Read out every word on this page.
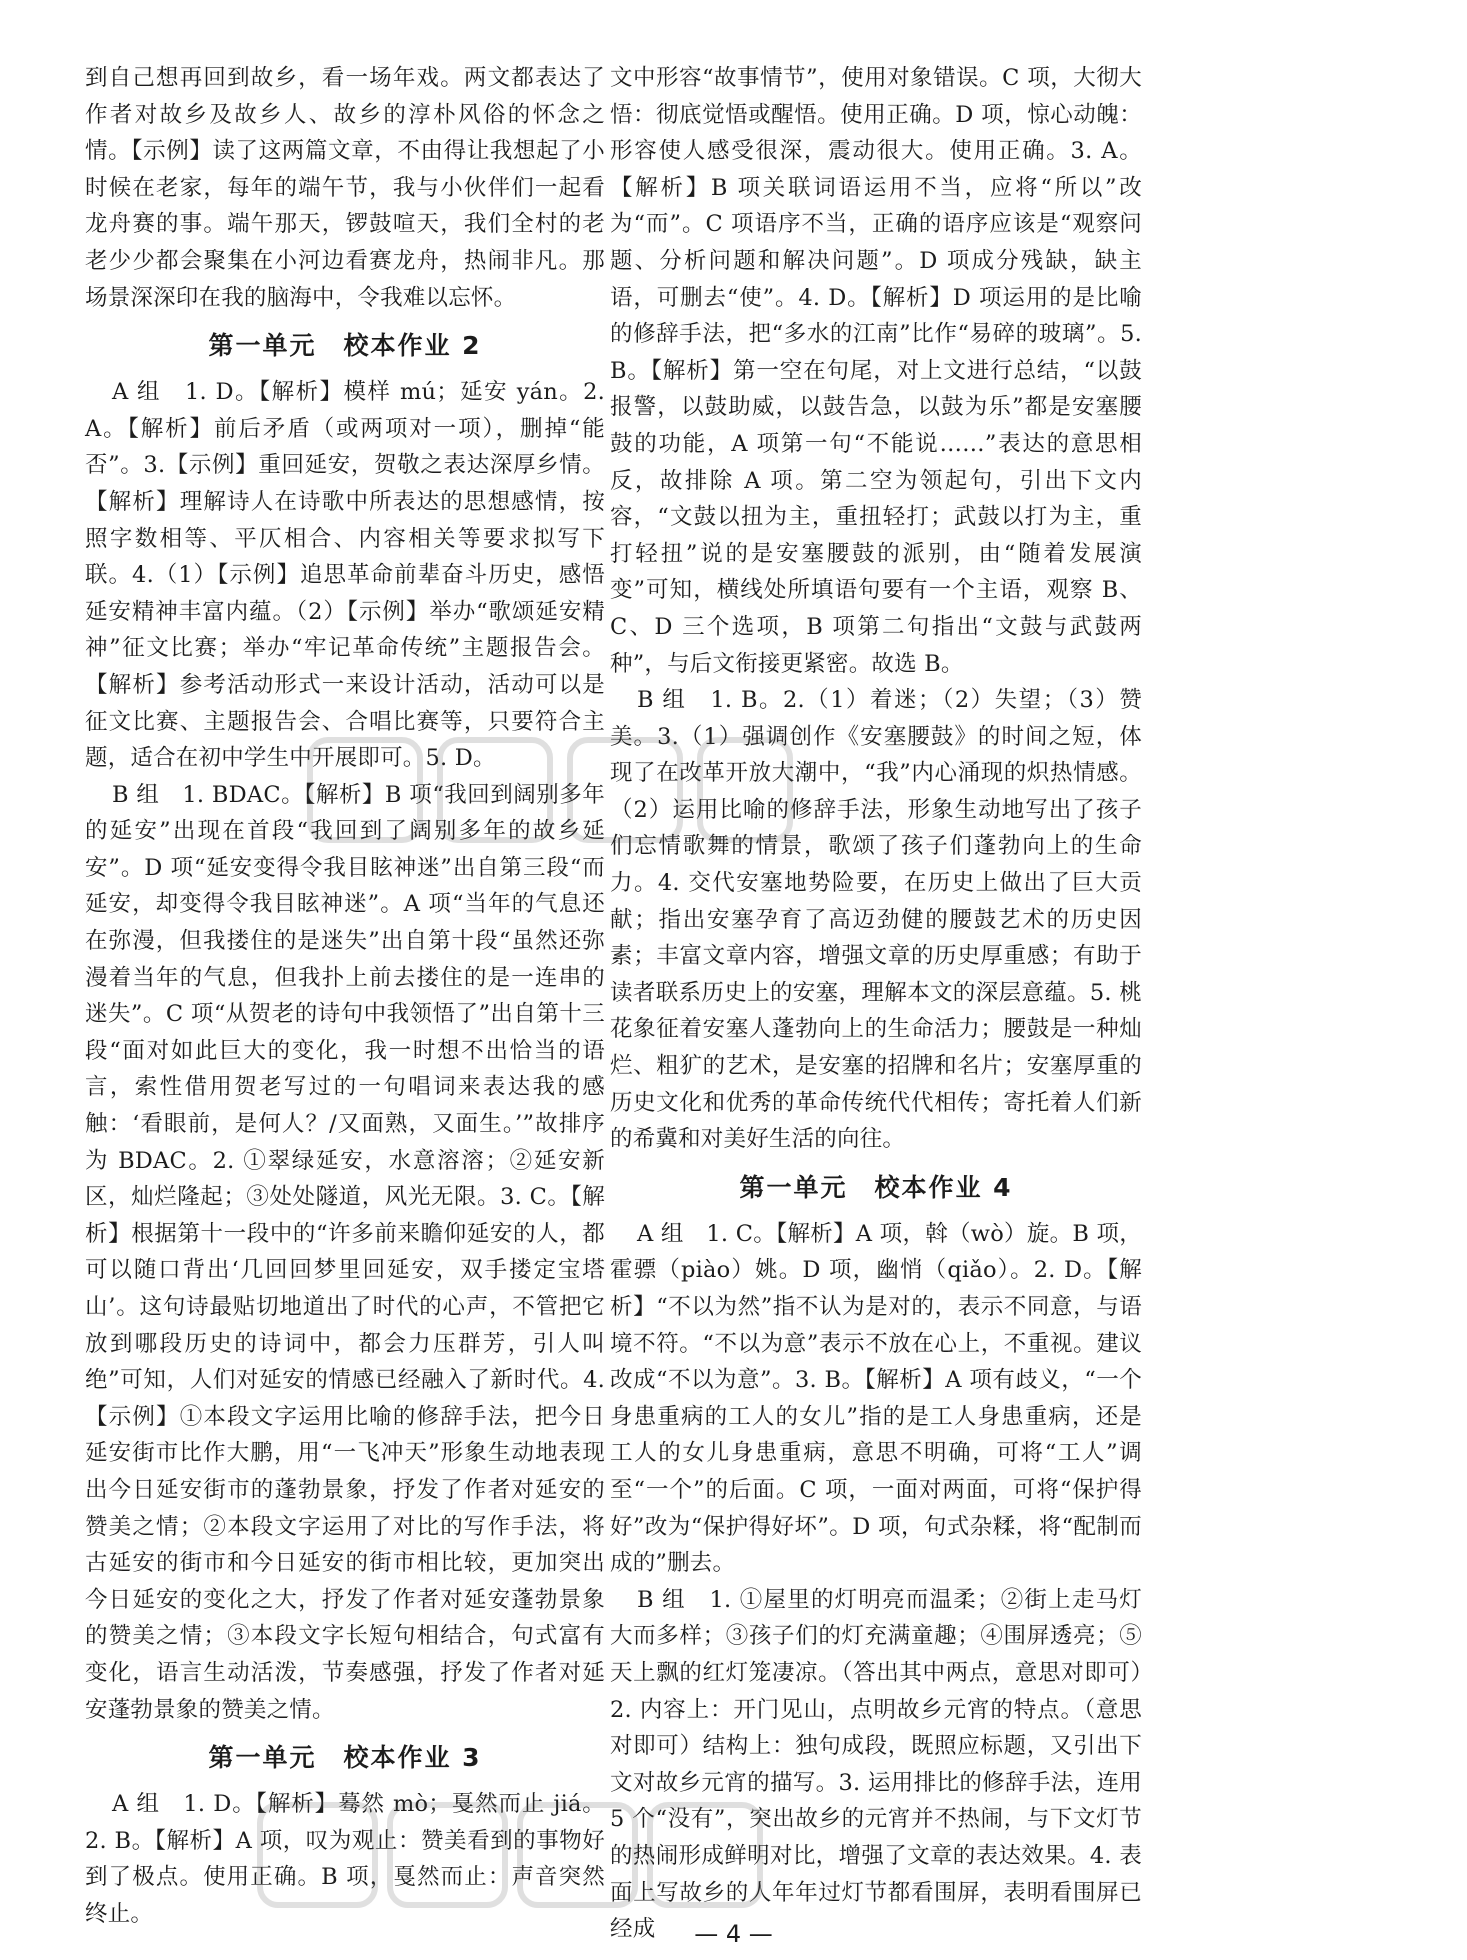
到自己想再回到故乡，看一场年戏。两文都表达了作者对故乡及故乡人、故乡的淳朴风俗的怀念之情。【示例】读了这两篇文章，不由得让我想起了小时候在老家，每年的端午节，我与小伙伴们一起看龙舟赛的事。端午那天，锣鼓喧天，我们全村的老老少少都会聚集在小河边看赛龙舟，热闹非凡。那场景深深印在我的脑海中，令我难以忘怀。

第一单元　校本作业 2

A 组　1. D。【解析】模样 mú；延安 yán。2. A。【解析】前后矛盾（或两项对一项），删掉“能否”。3.【示例】重回延安，贺敬之表达深厚乡情。【解析】理解诗人在诗歌中所表达的思想感情，按照字数相等、平仄相合、内容相关等要求拟写下联。4.（1）【示例】追思革命前辈奋斗历史，感悟延安精神丰富内蕴。（2）【示例】举办“歌颂延安精神”征文比赛；举办“牢记革命传统”主题报告会。【解析】参考活动形式一来设计活动，活动可以是征文比赛、主题报告会、合唱比赛等，只要符合主题，适合在初中学生中开展即可。5. D。

B 组　1. BDAC。【解析】B 项“我回到阔别多年的延安”出现在首段“我回到了阔别多年的故乡延安”。D 项“延安变得令我目眩神迷”出自第三段“而延安，却变得令我目眩神迷”。A 项“当年的气息还在弥漫，但我搂住的是迷失”出自第十段“虽然还弥漫着当年的气息，但我扑上前去搂住的是一连串的迷失”。C 项“从贺老的诗句中我领悟了”出自第十三段“面对如此巨大的变化，我一时想不出恰当的语言，索性借用贺老写过的一句唱词来表达我的感触：‘看眼前，是何人？/又面熟，又面生。’”故排序为 BDAC。2. ①翠绿延安，水意溶溶；②延安新区，灿烂隆起；③处处隧道，风光无限。3. C。【解析】根据第十一段中的“许多前来瞻仰延安的人，都可以随口背出‘几回回梦里回延安，双手搂定宝塔山’。这句诗最贴切地道出了时代的心声，不管把它放到哪段历史的诗词中，都会力压群芳，引人叫绝”可知，人们对延安的情感已经融入了新时代。4.【示例】①本段文字运用比喻的修辞手法，把今日延安街市比作大鹏，用“一飞冲天”形象生动地表现出今日延安街市的蓬勃景象，抒发了作者对延安的赞美之情；②本段文字运用了对比的写作手法，将古延安的街市和今日延安的街市相比较，更加突出今日延安的变化之大，抒发了作者对延安蓬勃景象的赞美之情；③本段文字长短句相结合，句式富有变化，语言生动活泼，节奏感强，抒发了作者对延安蓬勃景象的赞美之情。

第一单元　校本作业 3

A 组　1. D。【解析】蓦然 mò；戛然而止 jiá。2. B。【解析】A 项，叹为观止：赞美看到的事物好到了极点。使用正确。B 项，戛然而止：声音突然终止。

文中形容“故事情节”，使用对象错误。C 项，大彻大悟：彻底觉悟或醒悟。使用正确。D 项，惊心动魄：形容使人感受很深，震动很大。使用正确。3. A。【解析】B 项关联词语运用不当，应将“所以”改为“而”。C 项语序不当，正确的语序应该是“观察问题、分析问题和解决问题”。D 项成分残缺，缺主语，可删去“使”。4. D。【解析】D 项运用的是比喻的修辞手法，把“多水的江南”比作“易碎的玻璃”。5. B。【解析】第一空在句尾，对上文进行总结，“以鼓报警，以鼓助威，以鼓告急，以鼓为乐”都是安塞腰鼓的功能，A 项第一句“不能说……”表达的意思相反，故排除 A 项。第二空为领起句，引出下文内容，“文鼓以扭为主，重扭轻打；武鼓以打为主，重打轻扭”说的是安塞腰鼓的派别，由“随着发展演变”可知，横线处所填语句要有一个主语，观察 B、C、D 三个选项，B 项第二句指出“文鼓与武鼓两种”，与后文衔接更紧密。故选 B。

B 组　1. B。2.（1）着迷；（2）失望；（3）赞美。3.（1）强调创作《安塞腰鼓》的时间之短，体现了在改革开放大潮中，“我”内心涌现的炽热情感。（2）运用比喻的修辞手法，形象生动地写出了孩子们忘情歌舞的情景，歌颂了孩子们蓬勃向上的生命力。4. 交代安塞地势险要，在历史上做出了巨大贡献；指出安塞孕育了高迈劲健的腰鼓艺术的历史因素；丰富文章内容，增强文章的历史厚重感；有助于读者联系历史上的安塞，理解本文的深层意蕴。5. 桃花象征着安塞人蓬勃向上的生命活力；腰鼓是一种灿烂、粗犷的艺术，是安塞的招牌和名片；安塞厚重的历史文化和优秀的革命传统代代相传；寄托着人们新的希冀和对美好生活的向往。

第一单元　校本作业 4

A 组　1. C。【解析】A 项，斡（wò）旋。B 项，霍骠（piào）姚。D 项，幽悄（qiǎo）。2. D。【解析】“不以为然”指不认为是对的，表示不同意，与语境不符。“不以为意”表示不放在心上，不重视。建议改成“不以为意”。3. B。【解析】A 项有歧义，“一个身患重病的工人的女儿”指的是工人身患重病，还是工人的女儿身患重病，意思不明确，可将“工人”调至“一个”的后面。C 项，一面对两面，可将“保护得好”改为“保护得好坏”。D 项，句式杂糅，将“配制而成的”删去。

B 组　1. ①屋里的灯明亮而温柔；②街上走马灯大而多样；③孩子们的灯充满童趣；④围屏透亮；⑤天上飘的红灯笼凄凉。（答出其中两点，意思对即可）2. 内容上：开门见山，点明故乡元宵的特点。（意思对即可）结构上：独句成段，既照应标题，又引出下文对故乡元宵的描写。3. 运用排比的修辞手法，连用 5 个“没有”，突出故乡的元宵并不热闹，与下文灯节的热闹形成鲜明对比，增强了文章的表达效果。4. 表面上写故乡的人年年过灯节都看围屏，表明看围屏已经成	— 4 —
